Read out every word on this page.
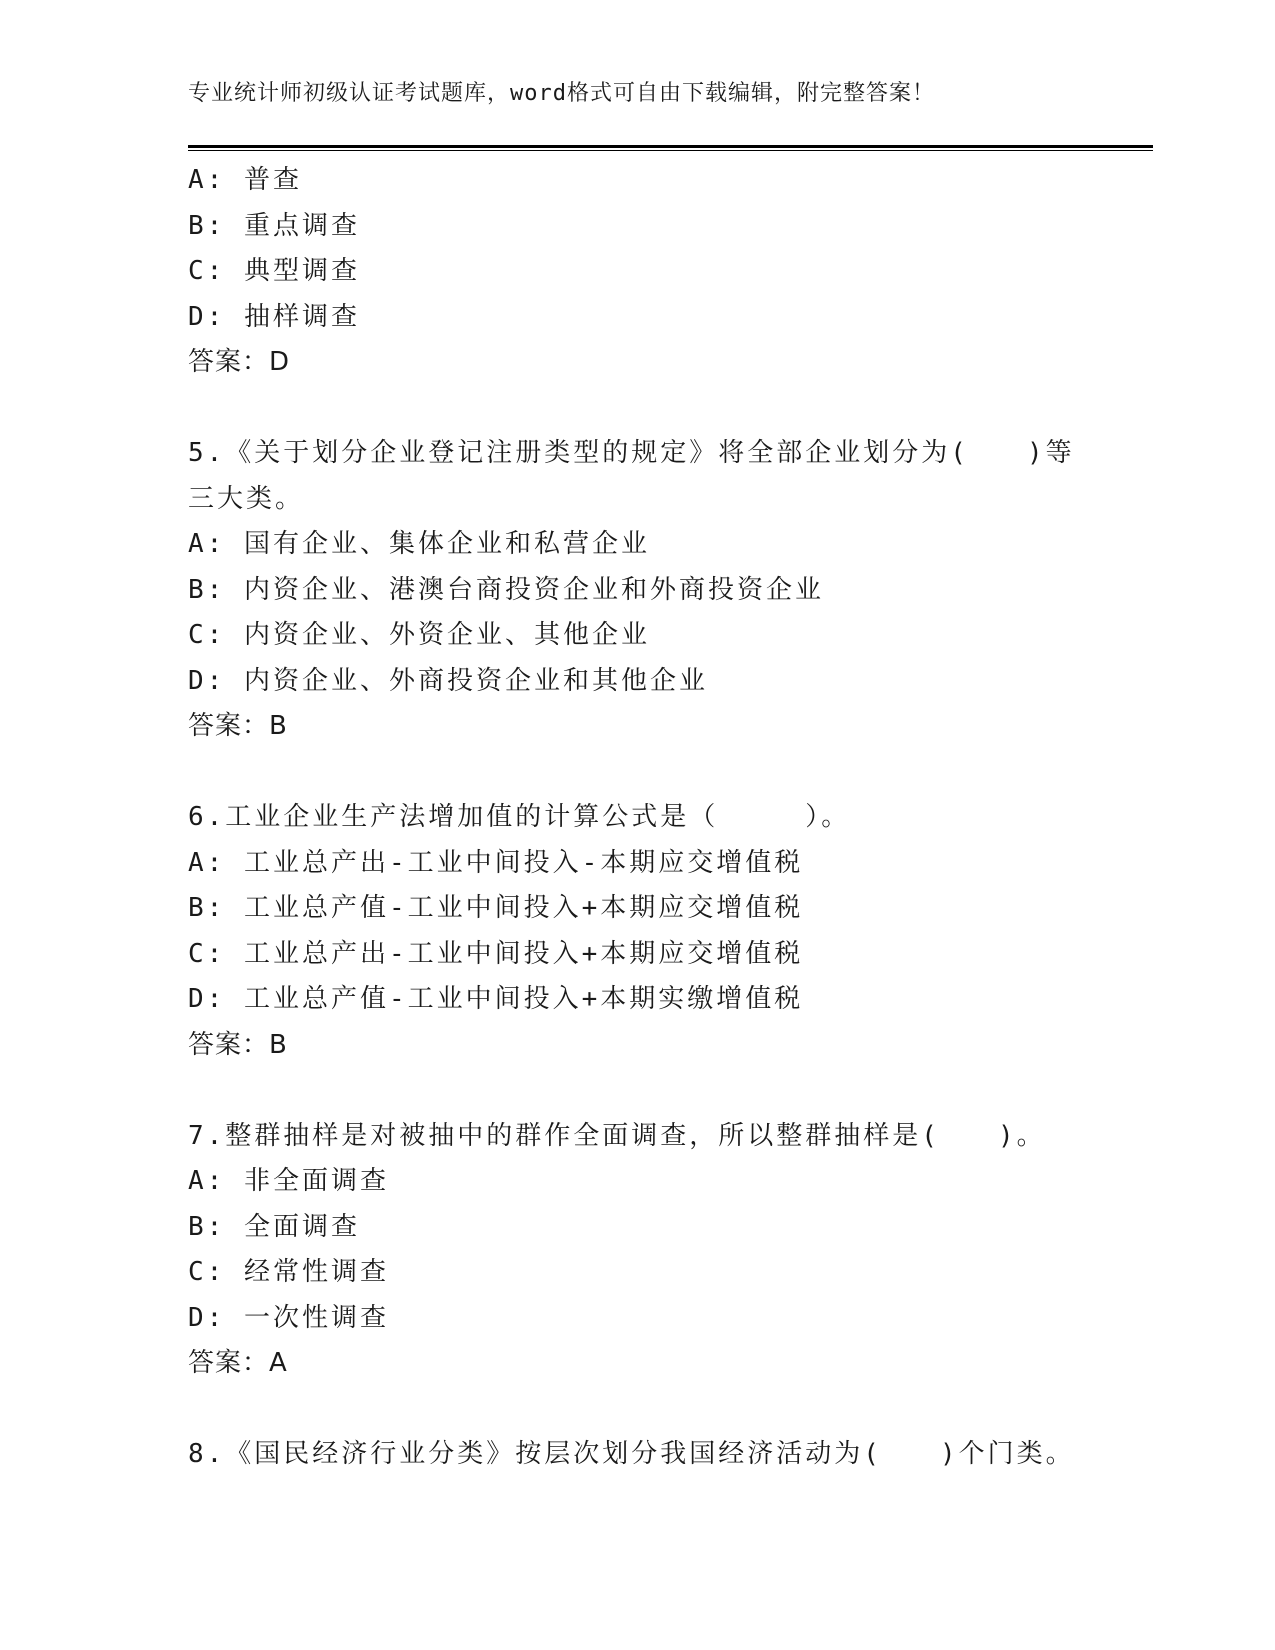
专业统计师初级认证考试题库，word格式可自由下载编辑，附完整答案！
A: 普查
B: 重点调查
C: 典型调查
D: 抽样调查
答案：D
5.《关于划分企业登记注册类型的规定》将全部企业划分为(　　)等
三大类。
A: 国有企业、集体企业和私营企业
B: 内资企业、港澳台商投资企业和外商投资企业
C: 内资企业、外资企业、其他企业
D: 内资企业、外商投资企业和其他企业
答案：B
6.工业企业生产法增加值的计算公式是（　　　）。
A: 工业总产出-工业中间投入-本期应交增值税
B: 工业总产值-工业中间投入+本期应交增值税
C: 工业总产出-工业中间投入+本期应交增值税
D: 工业总产值-工业中间投入+本期实缴增值税
答案：B
7.整群抽样是对被抽中的群作全面调查，所以整群抽样是(　　)。
A: 非全面调查
B: 全面调查
C: 经常性调查
D: 一次性调查
答案：A
8.《国民经济行业分类》按层次划分我国经济活动为(　　)个门类。
